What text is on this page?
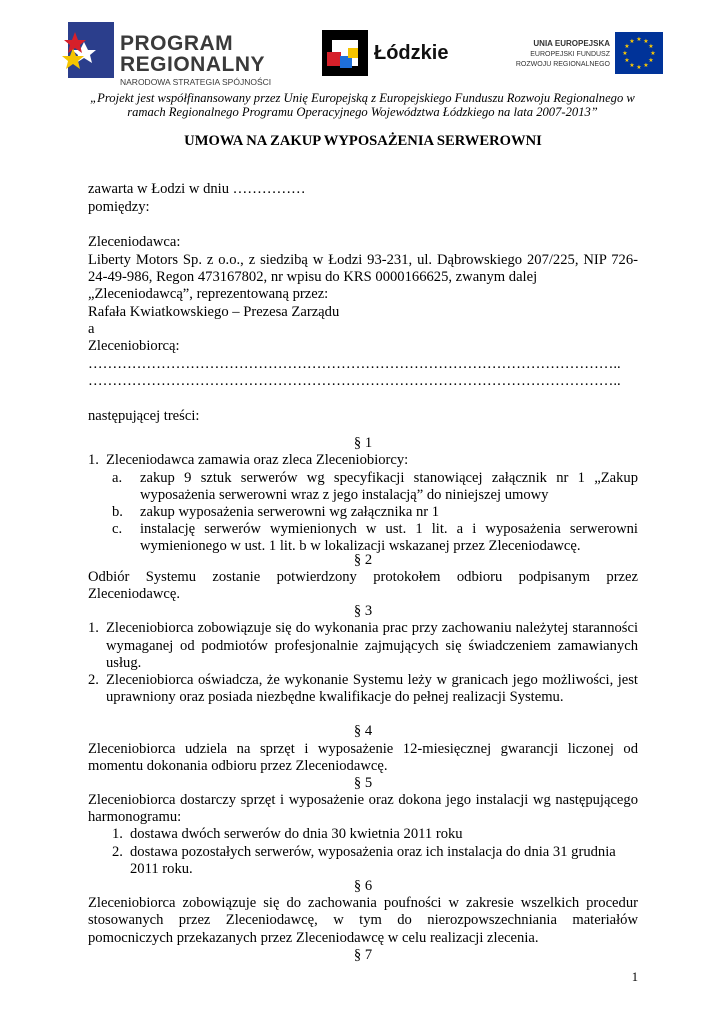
PROGRAM
REGIONALNY
NARODOWA STRATEGIA SPÓJNOŚCI
Łódzkie	UNIA EUROPEJSKA
EUROPEJSKI FUNDUSZ
ROZWOJU REGIONALNEGO
★ ★
★
★
★
★
★
★
★
★
★
★
„Projekt jest współfinansowany przez Unię Europejską z Europejskiego Funduszu Rozwoju Regionalnego w
ramach Regionalnego Programu Operacyjnego Województwa Łódzkiego na lata 2007-2013”
UMOWA NA ZAKUP WYPOSAŻENIA SERWEROWNI
zawarta w Łodzi w dniu ……………
pomiędzy:
Zleceniodawca:
Liberty Motors Sp. z o.o., z siedzibą w Łodzi 93-231, ul. Dąbrowskiego 207/225, NIP 726-
24-49-986, Regon 473167802, nr wpisu do KRS 0000166625, zwanym dalej
„Zleceniodawcą”, reprezentowaną przez:
Rafała Kwiatkowskiego – Prezesa Zarządu
a
Zleceniobiorcą:
………………………………………………………………………………………………..
………………………………………………………………………………………………..
następującej treści:
§ 1
1. Zleceniodawca zamawia oraz zleca Zleceniobiorcy:
a. zakup 9 sztuk serwerów wg specyfikacji stanowiącej załącznik nr 1 „Zakup
wyposażenia serwerowni wraz z jego instalacją” do niniejszej umowy
b. zakup wyposażenia serwerowni wg załącznika nr 1
c. instalację serwerów wymienionych w ust. 1 lit. a i wyposażenia serwerowni
wymienionego w ust. 1 lit. b w lokalizacji wskazanej przez Zleceniodawcę.
§ 2
Odbiór Systemu zostanie potwierdzony protokołem odbioru podpisanym przez
Zleceniodawcę.
§ 3
1. Zleceniobiorca zobowiązuje się do wykonania prac przy zachowaniu należytej staranności
wymaganej od podmiotów profesjonalnie zajmujących się świadczeniem zamawianych
usług.
2. Zleceniobiorca oświadcza, że wykonanie Systemu leży w granicach jego możliwości, jest
uprawniony oraz posiada niezbędne kwalifikacje do pełnej realizacji Systemu.
§ 4
Zleceniobiorca udziela na sprzęt i wyposażenie 12-miesięcznej gwarancji liczonej od
momentu dokonania odbioru przez Zleceniodawcę.
§ 5
Zleceniobiorca dostarczy sprzęt i wyposażenie oraz dokona jego instalacji wg następującego
harmonogramu:
1. dostawa dwóch serwerów do dnia 30 kwietnia 2011 roku
2. dostawa pozostałych serwerów, wyposażenia oraz ich instalacja do dnia 31 grudnia
2011 roku.
§ 6
Zleceniobiorca zobowiązuje się do zachowania poufności w zakresie wszelkich procedur
stosowanych przez Zleceniodawcę, w tym do nierozpowszechniania materiałów
pomocniczych przekazanych przez Zleceniodawcę w celu realizacji zlecenia.
§ 7
1
